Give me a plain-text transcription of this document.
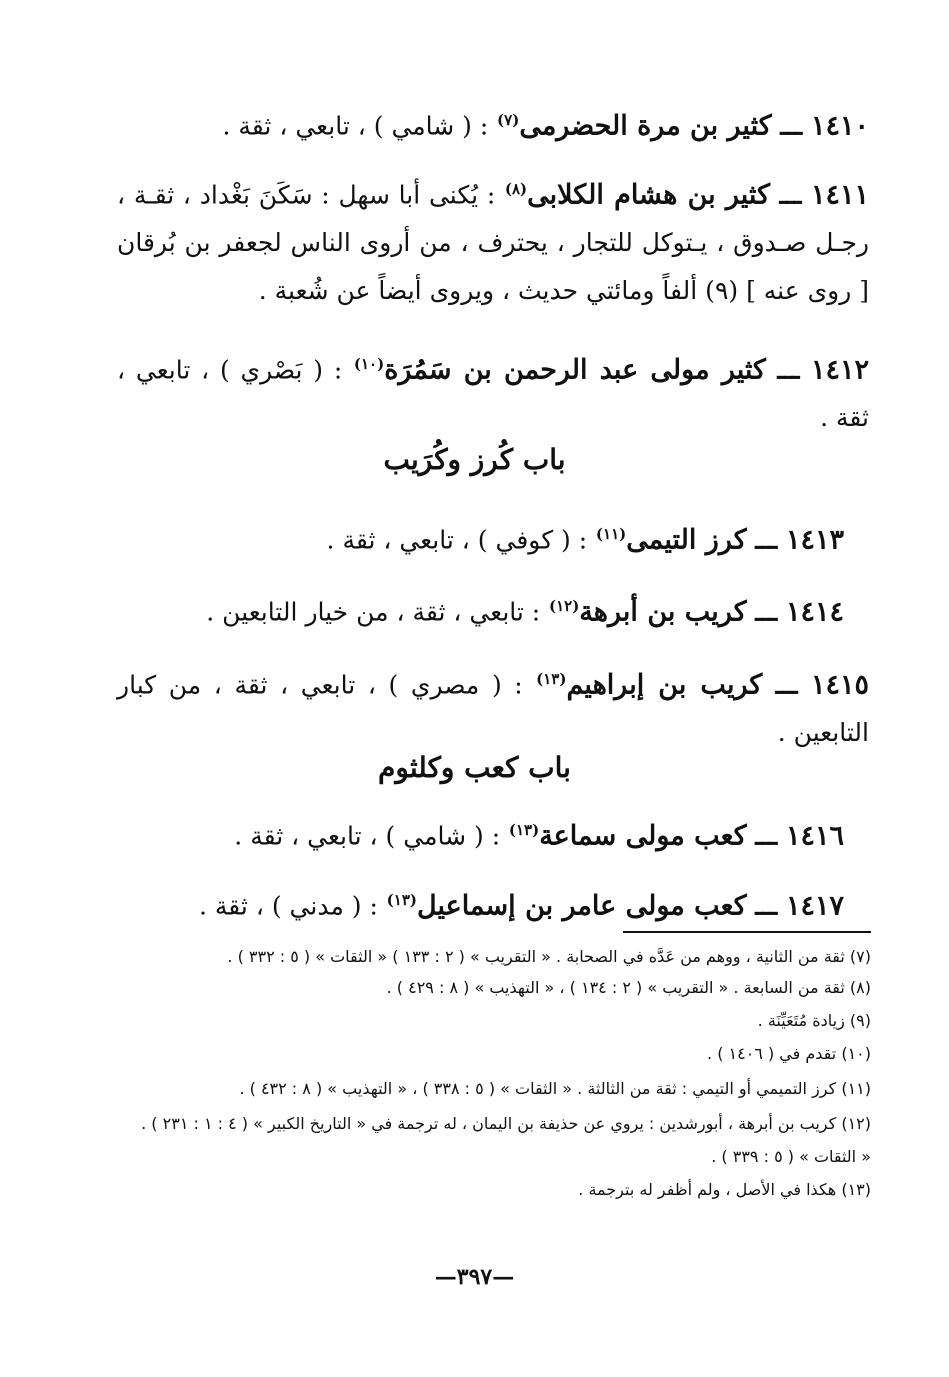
١٤١٠ ـــ كثير بن مرة الحضرمى$^{(٧)}$ : ( شامي ) ، تابعي ، ثقة .
١٤١١ ـــ كثير بن هشام الكلابى$^{(٨)}$ : يُكنى أبا سهل : سَكَنَ بَغْداد ، ثقـة ، رجـل صـدوق ، يـتوكل للتجار ، يحترف ، من أروى الناس لجعفر بن بُرقان [ روى عنه ] (٩) ألفاً ومائتي حديث ، ويروى أيضاً عن شُعبة .
١٤١٢ ـــ كثير مولى عبد الرحمن بن سَمُرَة$^{(١٠)}$ : ( بَصْري ) ، تابعي ، ثقة .
باب كُرز وكُرَيب
١٤١٣ ـــ كرز التيمى$^{(١١)}$ : ( كوفي ) ، تابعي ، ثقة .
١٤١٤ ـــ كريب بن أبرهة$^{(١٢)}$ : تابعي ، ثقة ، من خيار التابعين .
١٤١٥ ـــ كريب بن إبراهيم$^{(١٣)}$ : ( مصري ) ، تابعي ، ثقة ، من كبار التابعين .
باب كعب وكلثوم
١٤١٦ ـــ كعب مولى سماعة$^{(١٣)}$ : ( شامي ) ، تابعي ، ثقة .
١٤١٧ ـــ كعب مولى عامر بن إسماعيل$^{(١٣)}$ : ( مدني ) ، ثقة .
(٧) ثقة من الثانية ، ووهم من عَدَّه في الصحابة . « التقريب » ( ٢ : ١٣٣ ) « الثقات » ( ٥ : ٣٣٢ ) .
(٨) ثقة من السابعة . « التقريب » ( ٢ : ١٣٤ ) ، « التهذيب » ( ٨ : ٤٢٩ ) .
(٩) زيادة مُتَعَيِّنَة .
(١٠) تقدم في ( ١٤٠٦ ) .
(١١) كرز التميمي أو التيمي : ثقة من الثالثة . « الثقات » ( ٥ : ٣٣٨ ) ، « التهذيب » ( ٨ : ٤٣٢ ) .
(١٢) كريب بن أبرهة ، أبورشدين : يروي عن حذيفة بن اليمان ، له ترجمة في « التاريخ الكبير » ( ٤ : ١ : ٢٣١ ) .
« الثقات » ( ٥ : ٣٣٩ ) .
(١٣) هكذا في الأصل ، ولم أظفر له بترجمة .
—٣٩٧—
